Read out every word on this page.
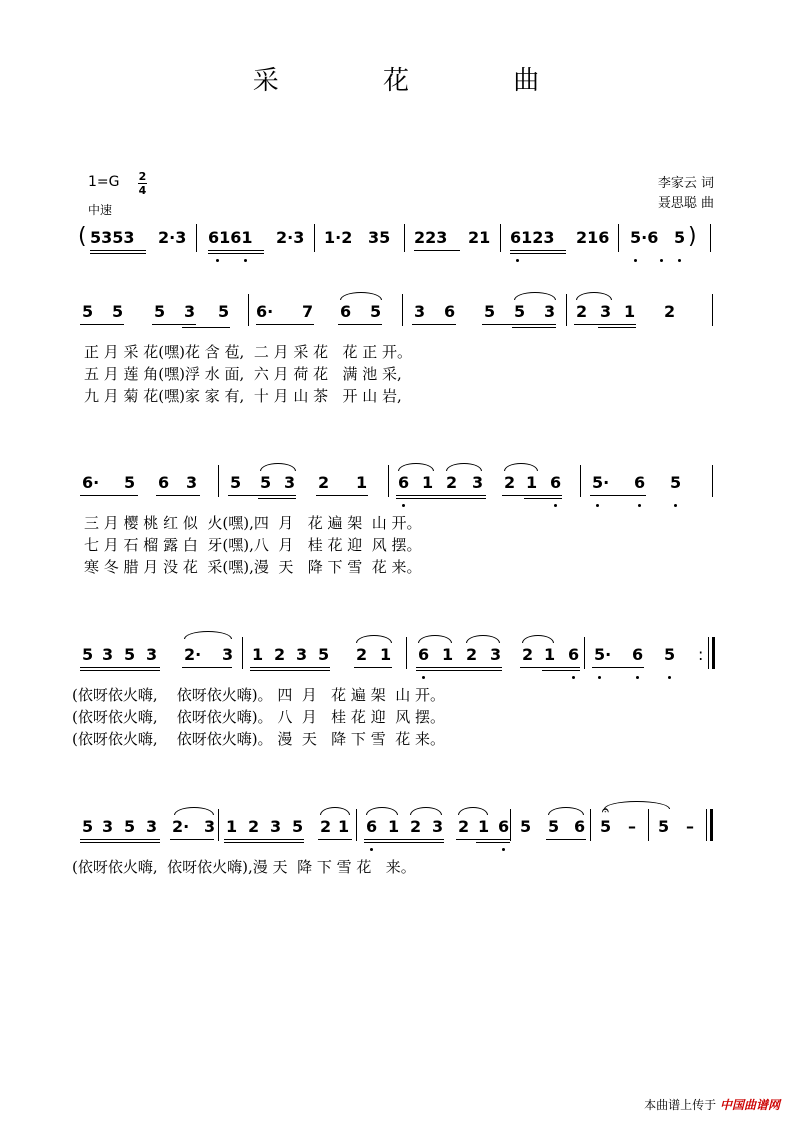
采 花 曲
1=G 2
4
中速
李家云 词
聂思聪 曲
( 5353 2·3 6161 2·3 1·2 35 223 21 6123 216 5·6 5 )
5 5 5 3 5 6· 7 6 5 3 6 5 5 3 2 3 1 2
正 月 采 花(嘿)花 含 苞,  二 月 采 花   花 正 开。
五 月 莲 角(嘿)浮 水 面,  六 月 荷 花   满 池 采,
九 月 菊 花(嘿)家 家 有,  十 月 山 茶   开 山 岩,
6· 5 6 3 5 5 3 2 1 6 1 2 3 2 1 6 5· 6 5
三 月 樱 桃 红 似  火(嘿),四  月   花 遍 架  山 开。
七 月 石 榴 露 白  牙(嘿),八  月   桂 花 迎  风 摆。
寒 冬 腊 月 没 花  采(嘿),漫  天   降 下 雪  花 来。
5 3 5 3 2· 3 1 2 3 5 2 1 6 1 2 3 2 1 6 5· 6 5 :
(依呀依火嗨,    依呀依火嗨)。 四  月   花 遍 架  山 开。
(依呀依火嗨,    依呀依火嗨)。 八  月   桂 花 迎  风 摆。
(依呀依火嗨,    依呀依火嗨)。 漫  天   降 下 雪  花 来。
5 3 5 3 2· 3 1 2 3 5 2 1 6 1 2 3 2 1 6 5 5 6 5 – 5 –
𝄐
(依呀依火嗨,  依呀依火嗨),漫 天  降 下 雪 花   来。
本曲谱上传于 中国曲谱网
